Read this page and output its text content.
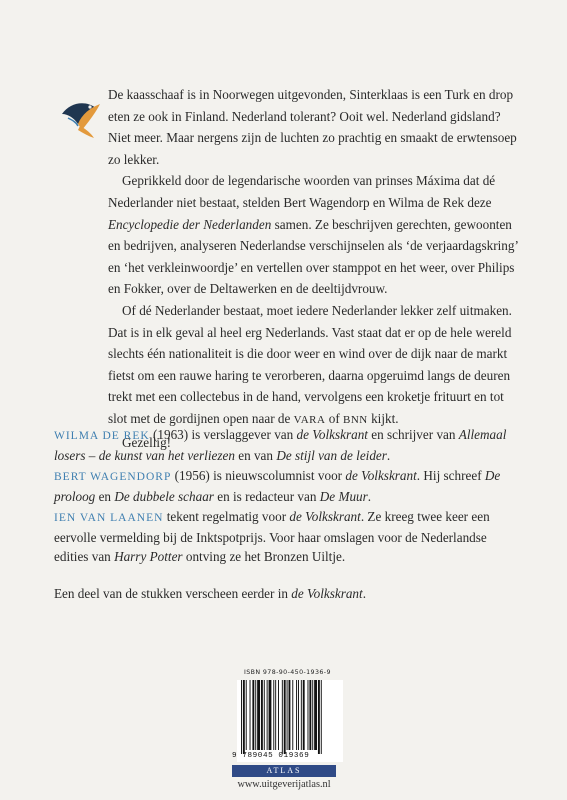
De kaasschaaf is in Noorwegen uitgevonden, Sinterklaas is een Turk en drop eten ze ook in Finland. Nederland tolerant? Ooit wel. Nederland gidsland? Niet meer. Maar nergens zijn de luchten zo prachtig en smaakt de erwtensoep zo lekker.

Geprikkeld door de legendarische woorden van prinses Máxima dat dé Nederlander niet bestaat, stelden Bert Wagendorp en Wilma de Rek deze Encyclopedie der Nederlanden samen. Ze beschrijven gerechten, gewoonten en bedrijven, analyseren Nederlandse verschijnselen als ‘de verjaardagskring’ en ‘het verkleinwoordje’ en vertellen over stamppot en het weer, over Philips en Fokker, over de Deltawerken en de deeltijdvrouw.

Of dé Nederlander bestaat, moet iedere Nederlander lekker zelf uitmaken. Dat is in elk geval al heel erg Nederlands. Vast staat dat er op de hele wereld slechts één nationaliteit is die door weer en wind over de dijk naar de markt fietst om een rauwe haring te verorberen, daarna opgeruimd langs de deuren trekt met een collectebus in de hand, vervolgens een kroketje frituurt en tot slot met de gordijnen open naar de VARA of BNN kijkt.

Gezellig!

WILMA DE REK (1963) is verslaggever van de Volkskrant en schrijver van Allemaal losers – de kunst van het verliezen en van De stijl van de leider.

BERT WAGENDORP (1956) is nieuwscolumnist voor de Volkskrant. Hij schreef De proloog en De dubbele schaar en is redacteur van De Muur.

IEN VAN LAANEN tekent regelmatig voor de Volkskrant. Ze kreeg twee keer een eervolle vermelding bij de Inktspotprijs. Voor haar omslagen voor de Nederlandse edities van Harry Potter ontving ze het Bronzen Uiltje.

Een deel van de stukken verscheen eerder in de Volkskrant.

ISBN 978-90-450-1936-9
9 789045 019369
ATLAS
www.uitgeverijatlas.nl
